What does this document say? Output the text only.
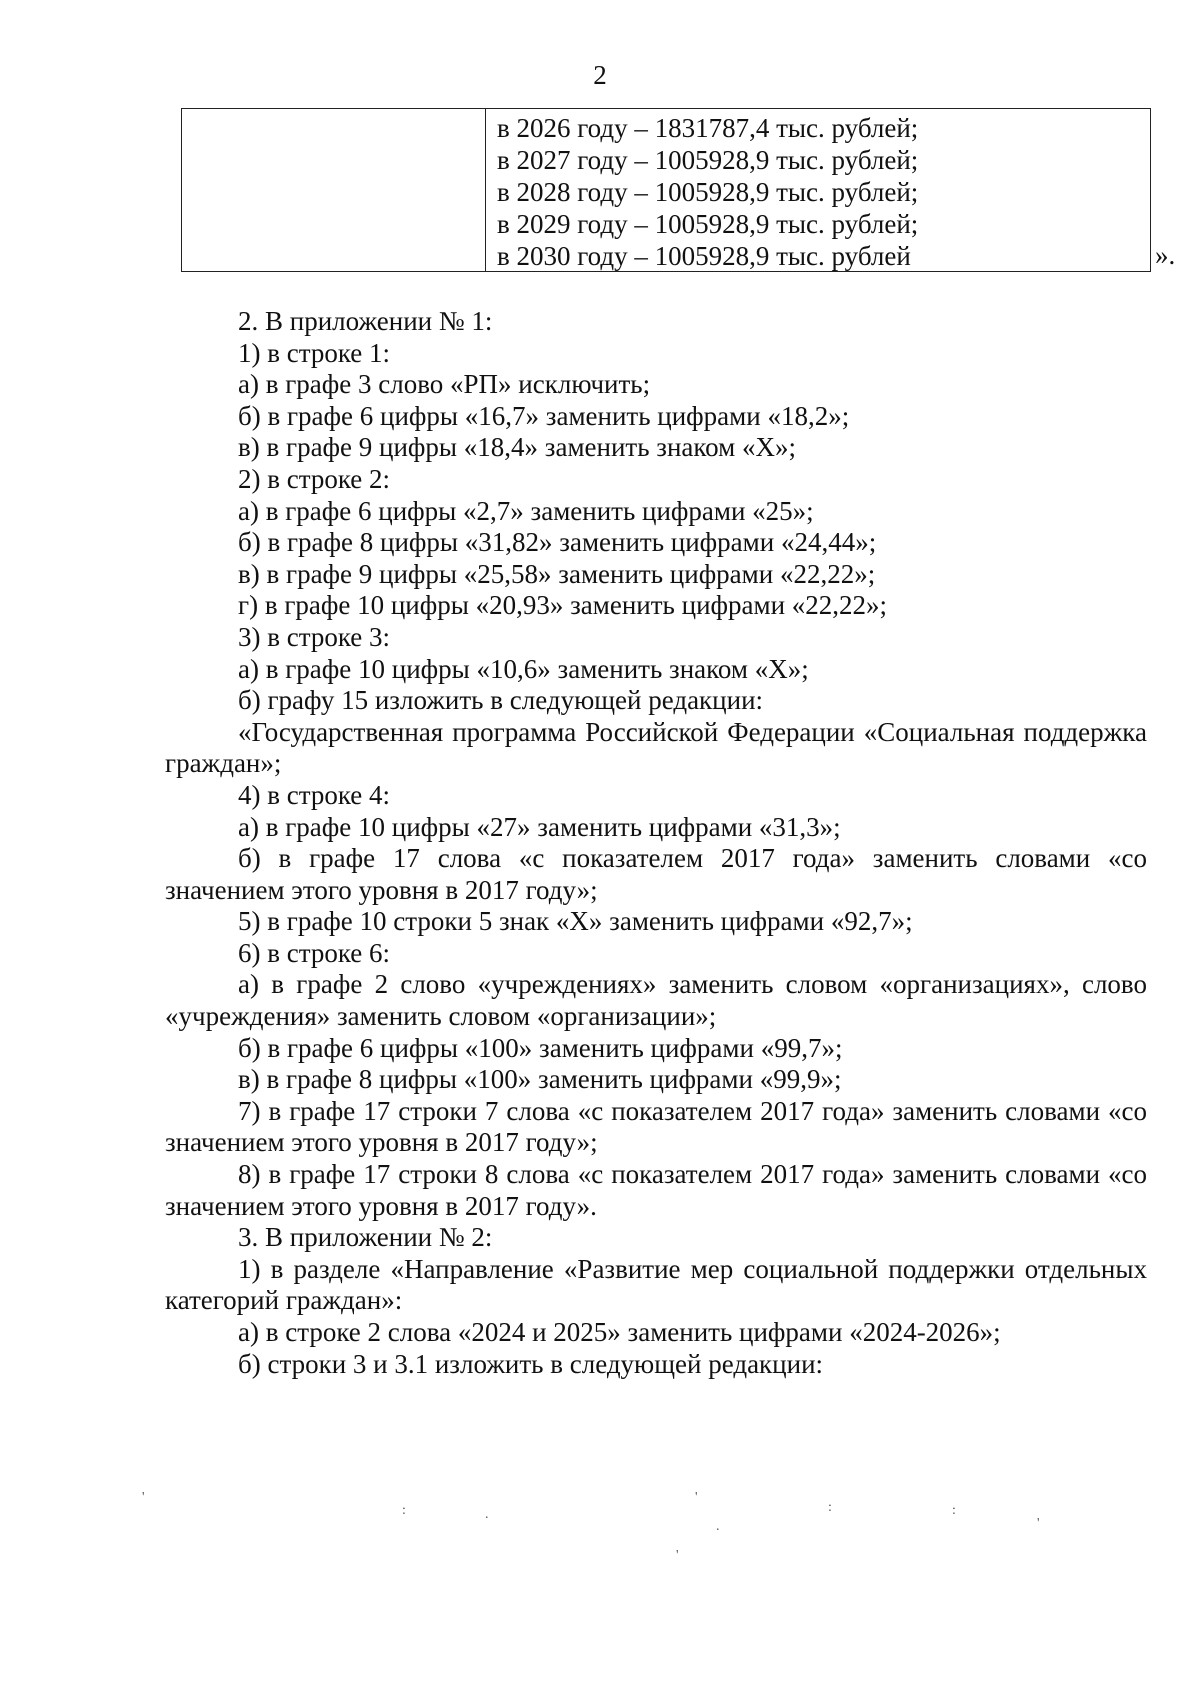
2
в 2026 году – 1831787,4 тыс. рублей;
в 2027 году – 1005928,9 тыс. рублей;
в 2028 году – 1005928,9 тыс. рублей;
в 2029 году – 1005928,9 тыс. рублей;
в 2030 году – 1005928,9 тыс. рублей	».

2. В приложении № 1:

1) в строке 1:

а) в графе 3 слово «РП» исключить;

б) в графе 6 цифры «16,7» заменить цифрами «18,2»;

в) в графе 9 цифры «18,4» заменить знаком «Х»;

2) в строке 2:

а) в графе 6 цифры «2,7» заменить цифрами «25»;

б) в графе 8 цифры «31,82» заменить цифрами «24,44»;

в) в графе 9 цифры «25,58» заменить цифрами «22,22»;

г) в графе 10 цифры «20,93» заменить цифрами «22,22»;

3) в строке 3:

а) в графе 10 цифры «10,6» заменить знаком «Х»;

б) графу 15 изложить в следующей редакции:

«Государственная программа Российской Федерации «Социальная поддержка граждан»;

4) в строке 4:

а) в графе 10 цифры «27» заменить цифрами «31,3»;

б) в графе 17 слова «с показателем 2017 года» заменить словами «со значением этого уровня в 2017 году»;

5) в графе 10 строки 5 знак «Х» заменить цифрами «92,7»;

6) в строке 6:

а) в графе 2 слово «учреждениях» заменить словом «организациях», слово «учреждения» заменить словом «организации»;

б) в графе 6 цифры «100» заменить цифрами «99,7»;

в) в графе 8 цифры «100» заменить цифрами «99,9»;

7) в графе 17 строки 7 слова «с показателем 2017 года» заменить словами «со значением этого уровня в 2017 году»;

8) в графе 17 строки 8 слова «с показателем 2017 года» заменить словами «со значением этого уровня в 2017 году».

3. В приложении № 2:

1) в разделе «Направление «Развитие мер социальной поддержки отдельных категорий граждан»:

а) в строке 2 слова «2024 и 2025» заменить цифрами «2024-2026»;

б) строки 3 и 3.1 изложить в следующей редакции:

'
:	.
'
:	:
.	'
'
